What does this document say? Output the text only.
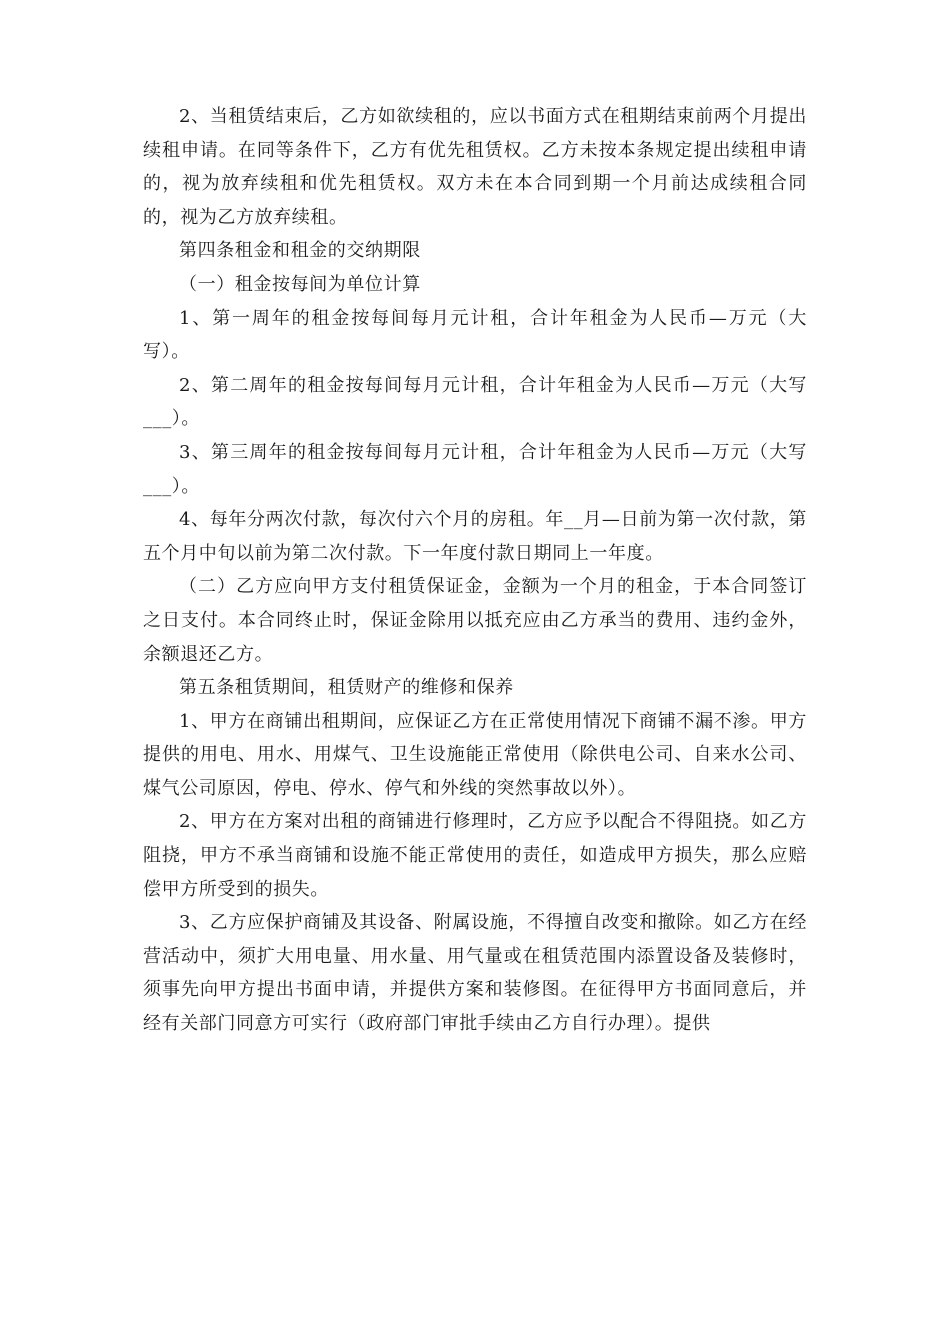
2、当租赁结束后，乙方如欲续租的，应以书面方式在租期结束前两个月提出续租申请。在同等条件下，乙方有优先租赁权。乙方未按本条规定提出续租申请的，视为放弃续租和优先租赁权。双方未在本合同到期一个月前达成续租合同的，视为乙方放弃续租。

第四条租金和租金的交纳期限

（一）租金按每间为单位计算

1、第一周年的租金按每间每月元计租，合计年租金为人民币—万元（大写）。

2、第二周年的租金按每间每月元计租，合计年租金为人民币—万元（大写___）。

3、第三周年的租金按每间每月元计租，合计年租金为人民币—万元（大写___）。

4、每年分两次付款，每次付六个月的房租。年__月—日前为第一次付款，第五个月中旬以前为第二次付款。下一年度付款日期同上一年度。

（二）乙方应向甲方支付租赁保证金，金额为一个月的租金，于本合同签订之日支付。本合同终止时，保证金除用以抵充应由乙方承当的费用、违约金外，余额退还乙方。

第五条租赁期间，租赁财产的维修和保养

1、甲方在商铺出租期间，应保证乙方在正常使用情况下商铺不漏不渗。甲方提供的用电、用水、用煤气、卫生设施能正常使用（除供电公司、自来水公司、煤气公司原因，停电、停水、停气和外线的突然事故以外）。

2、甲方在方案对出租的商铺进行修理时，乙方应予以配合不得阻挠。如乙方阻挠，甲方不承当商铺和设施不能正常使用的责任，如造成甲方损失，那么应赔偿甲方所受到的损失。

3、乙方应保护商铺及其设备、附属设施，不得擅自改变和撤除。如乙方在经营活动中，须扩大用电量、用水量、用气量或在租赁范围内添置设备及装修时，须事先向甲方提出书面申请，并提供方案和装修图。在征得甲方书面同意后，并经有关部门同意方可实行（政府部门审批手续由乙方自行办理）。提供
